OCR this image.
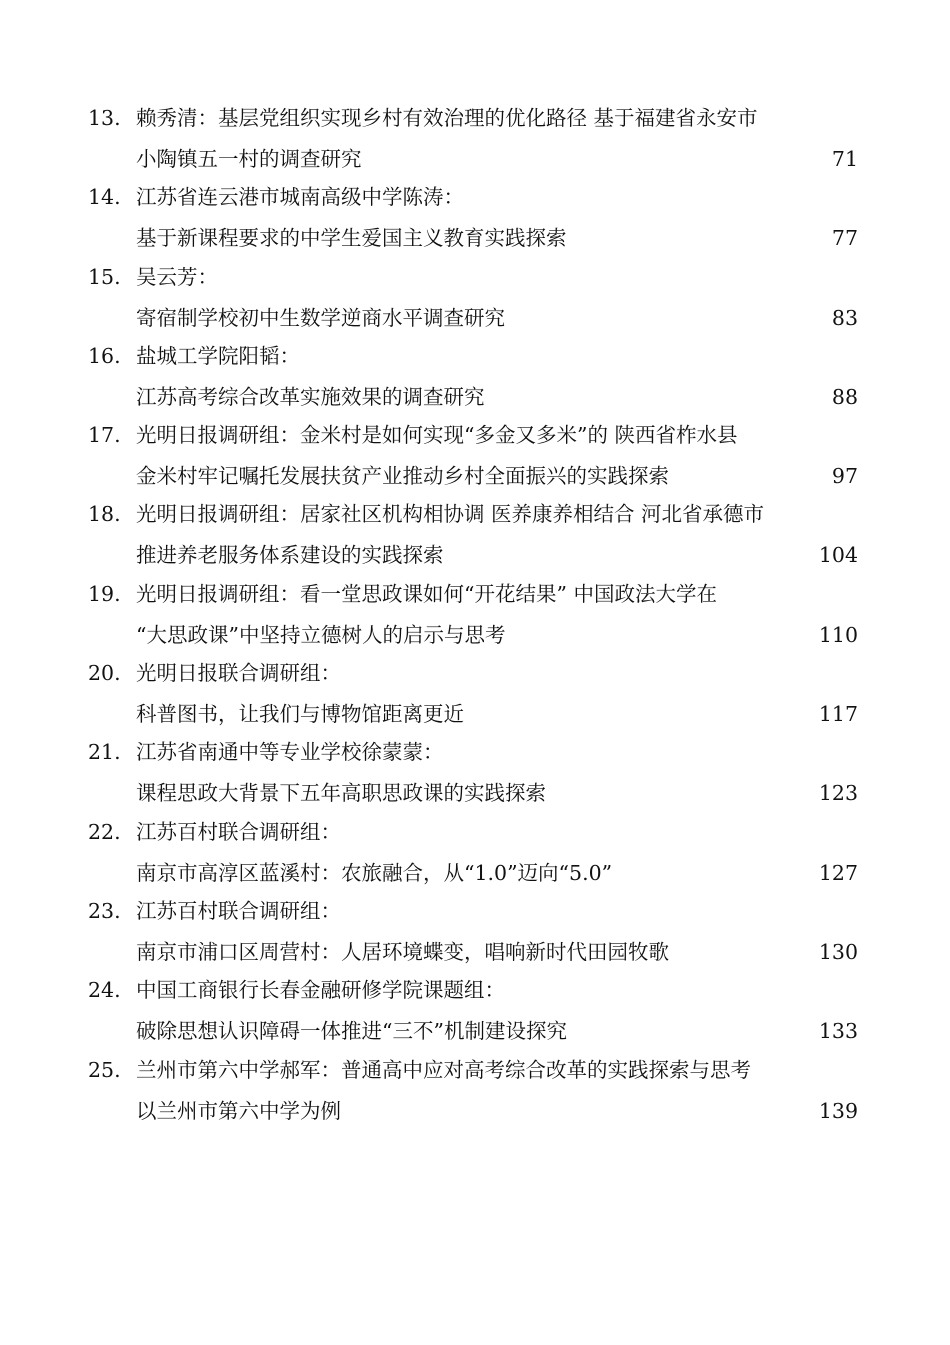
13. 赖秀清：基层党组织实现乡村有效治理的优化路径 基于福建省永安市
小陶镇五一村的调查研究	71
14. 江苏省连云港市城南高级中学陈涛：
基于新课程要求的中学生爱国主义教育实践探索	77
15. 吴云芳：
寄宿制学校初中生数学逆商水平调查研究	83
16. 盐城工学院阳韬：
江苏高考综合改革实施效果的调查研究	88
17. 光明日报调研组：金米村是如何实现“多金又多米”的 陕西省柞水县
金米村牢记嘱托发展扶贫产业推动乡村全面振兴的实践探索	97
18. 光明日报调研组：居家社区机构相协调 医养康养相结合 河北省承德市
推进养老服务体系建设的实践探索	104
19. 光明日报调研组：看一堂思政课如何“开花结果” 中国政法大学在
“大思政课”中坚持立德树人的启示与思考	110
20. 光明日报联合调研组：
科普图书，让我们与博物馆距离更近	117
21. 江苏省南通中等专业学校徐蒙蒙：
课程思政大背景下五年高职思政课的实践探索	123
22. 江苏百村联合调研组：
南京市高淳区蓝溪村：农旅融合，从“1.0”迈向“5.0”	127
23. 江苏百村联合调研组：
南京市浦口区周营村：人居环境蝶变，唱响新时代田园牧歌	130
24. 中国工商银行长春金融研修学院课题组：
破除思想认识障碍一体推进“三不”机制建设探究	133
25. 兰州市第六中学郝军：普通高中应对高考综合改革的实践探索与思考
以兰州市第六中学为例	139
